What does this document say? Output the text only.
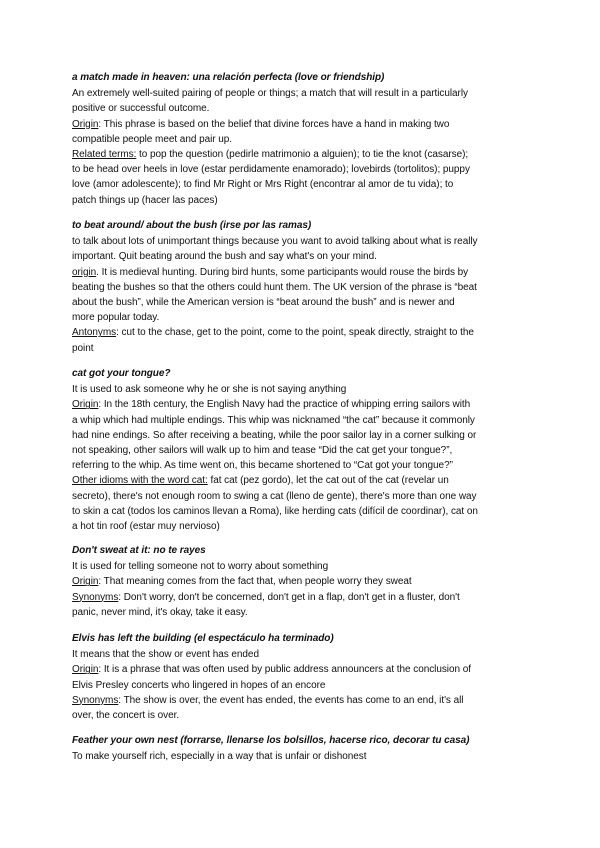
a match made in heaven: una relación perfecta (love or friendship)
An extremely well-suited pairing of people or things; a match that will result in a particularly
positive or successful outcome.
Origin: This phrase is based on the belief that divine forces have a hand in making two
compatible people meet and pair up.
Related terms: to pop the question (pedirle matrimonio a alguien); to tie the knot (casarse);
to be head over heels in love (estar perdidamente enamorado); lovebirds (tortolitos); puppy
love (amor adolescente); to find Mr Right or Mrs Right (encontrar al amor de tu vida); to
patch things up (hacer las paces)
to beat around/ about the bush (irse por las ramas)
to talk about lots of unimportant things because you want to avoid talking about what is really
important. Quit beating around the bush and say what's on your mind.
origin. It is medieval hunting. During bird hunts, some participants would rouse the birds by
beating the bushes so that the others could hunt them. The UK version of the phrase is “beat
about the bush”, while the American version is “beat around the bush” and is newer and
more popular today.
Antonyms: cut to the chase, get to the point, come to the point, speak directly, straight to the
point
cat got your tongue?
It is used to ask someone why he or she is not saying anything
Origin: In the 18th century, the English Navy had the practice of whipping erring sailors with
a whip which had multiple endings. This whip was nicknamed “the cat” because it commonly
had nine endings. So after receiving a beating, while the poor sailor lay in a corner sulking or
not speaking, other sailors will walk up to him and tease “Did the cat get your tongue?”,
referring to the whip. As time went on, this became shortened to “Cat got your tongue?”
Other idioms with the word cat: fat cat (pez gordo), let the cat out of the cat (revelar un
secreto), there's not enough room to swing a cat (lleno de gente), there's more than one way
to skin a cat (todos los caminos llevan a Roma), like herding cats (difícil de coordinar), cat on
a hot tin roof (estar muy nervioso)
Don't sweat at it: no te rayes
It is used for telling someone not to worry about something
Origin: That meaning comes from the fact that, when people worry they sweat
Synonyms: Don't worry, don't be concerned, don't get in a flap, don't get in a fluster, don't
panic, never mind, it's okay, take it easy.
Elvis has left the building (el espectáculo ha terminado)
It means that the show or event has ended
Origin: It is a phrase that was often used by public address announcers at the conclusion of
Elvis Presley concerts who lingered in hopes of an encore
Synonyms: The show is over, the event has ended, the events has come to an end, it's all
over, the concert is over.
Feather your own nest (forrarse, llenarse los bolsillos, hacerse rico, decorar tu casa)
To make yourself rich, especially in a way that is unfair or dishonest
